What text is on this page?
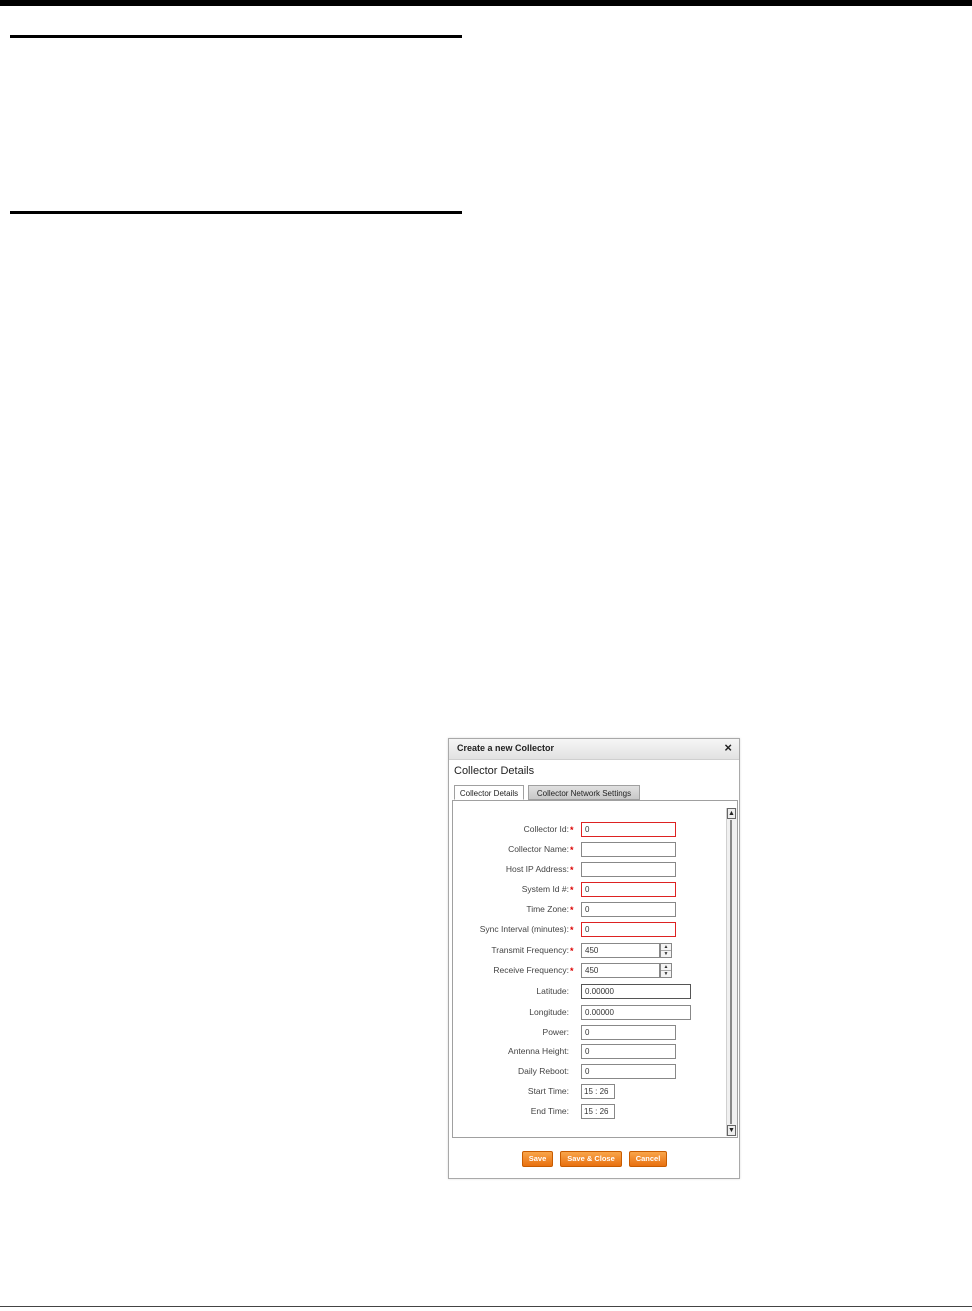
Create a new Collector	×
Collector Details
Collector Details	Collector Network Settings
Collector Id: *	0
Collector Name: *
Host IP Address: *
System Id #: *	0
Time Zone: *	0
Sync Interval (minutes): *	0
Transmit Frequency: *	450	▲
▼
Receive Frequency: *	450	▲
▼
Latitude:	0.00000
Longitude:	0.00000
Power:	0
Antenna Height:	0
Daily Reboot:	0
Start Time:	15 : 26
End Time:	15 : 26
▲
▼
Save	Save & Close	Cancel
